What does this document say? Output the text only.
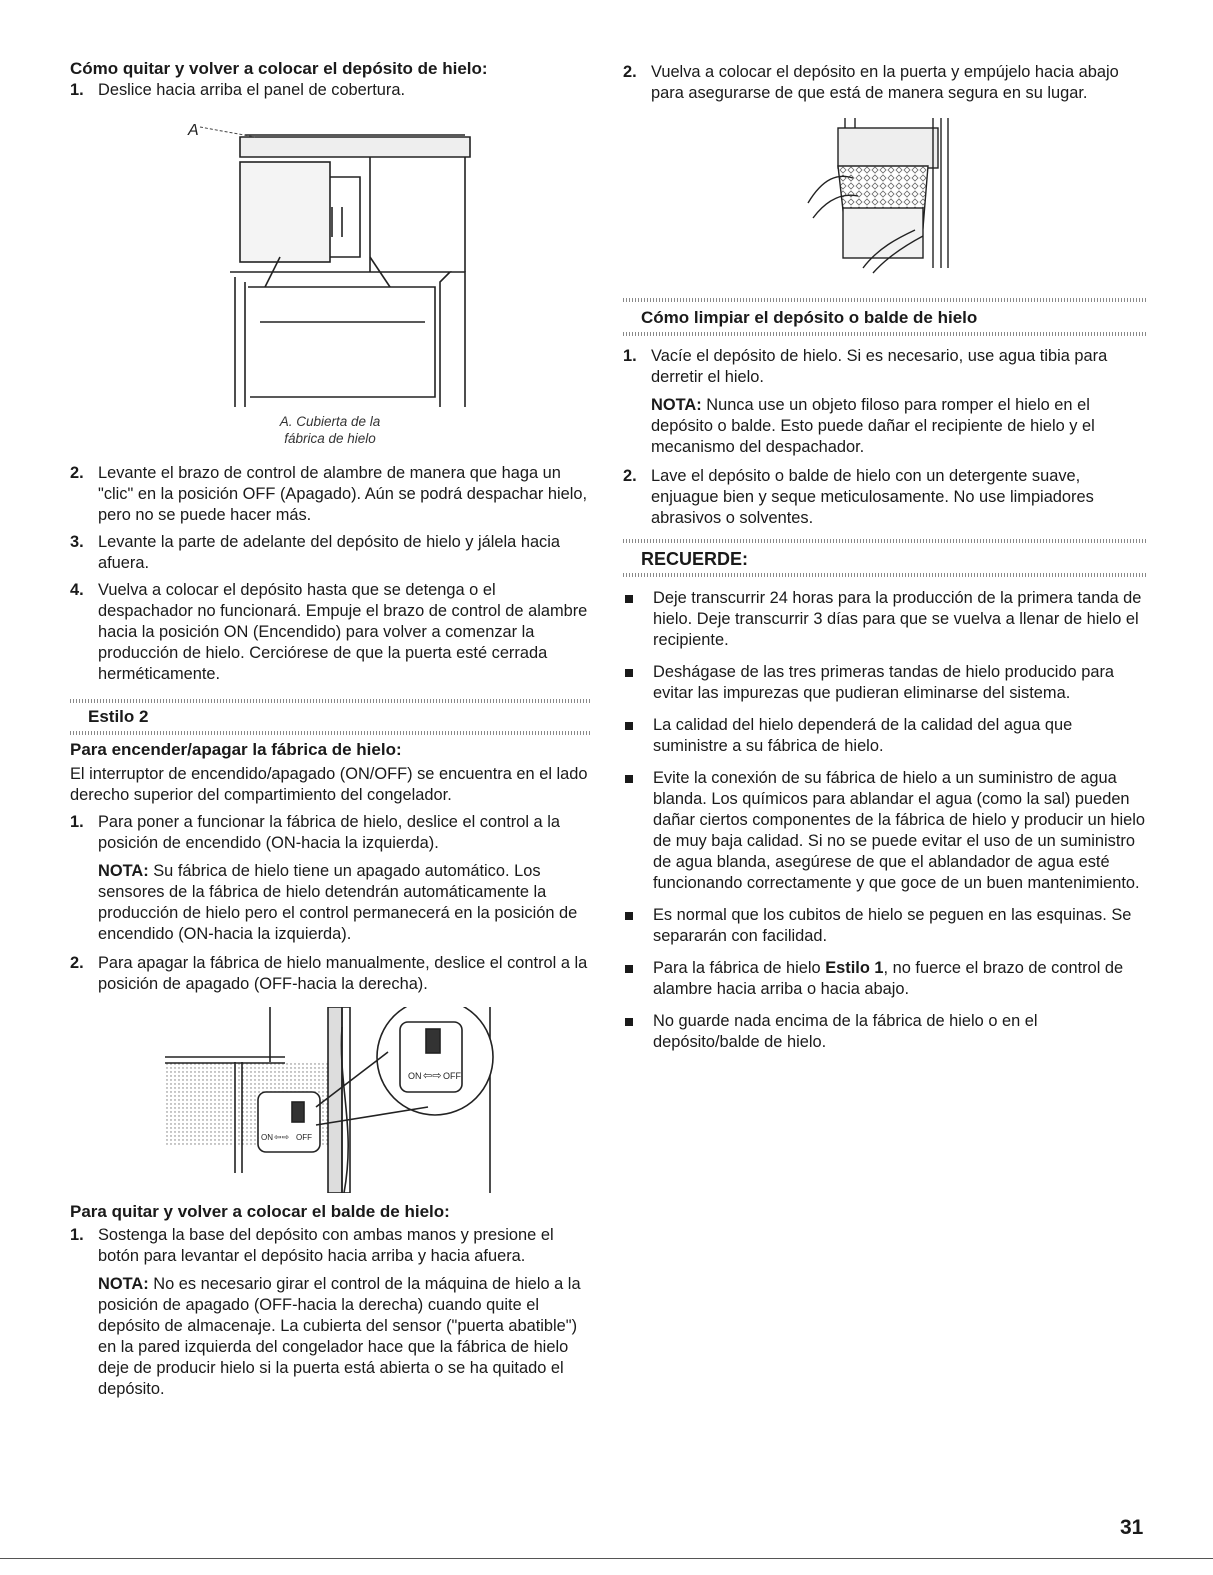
Cómo quitar y volver a colocar el depósito de hielo:
1. Deslice hacia arriba el panel de cobertura.
A
A. Cubierta de la
fábrica de hielo
2. Levante el brazo de control de alambre de manera que haga un "clic" en la posición OFF (Apagado). Aún se podrá despachar hielo, pero no se puede hacer más.
3. Levante la parte de adelante del depósito de hielo y jálela hacia afuera.
4. Vuelva a colocar el depósito hasta que se detenga o el despachador no funcionará. Empuje el brazo de control de alambre hacia la posición ON (Encendido) para volver a comenzar la producción de hielo. Cerciórese de que la puerta esté cerrada herméticamente.
Estilo 2
Para encender/apagar la fábrica de hielo:

El interruptor de encendido/apagado (ON/OFF) se encuentra en el lado derecho superior del compartimiento del congelador.

1. Para poner a funcionar la fábrica de hielo, deslice el control a la posición de encendido (ON-hacia la izquierda).

NOTA: Su fábrica de hielo tiene un apagado automático. Los sensores de la fábrica de hielo detendrán automáticamente la producción de hielo pero el control permanecerá en la posición de encendido (ON-hacia la izquierda).

2. Para apagar la fábrica de hielo manualmente, deslice el control a la posición de apagado (OFF-hacia la derecha).
ON OFF
ON	OFF
⇦⇨
⇦⇨
Para quitar y volver a colocar el balde de hielo:
1. Sostenga la base del depósito con ambas manos y presione el botón para levantar el depósito hacia arriba y hacia afuera.

NOTA: No es necesario girar el control de la máquina de hielo a la posición de apagado (OFF-hacia la derecha) cuando quite el depósito de almacenaje. La cubierta del sensor ("puerta abatible") en la pared izquierda del congelador hace que la fábrica de hielo deje de producir hielo si la puerta está abierta o se ha quitado el depósito.

2. Vuelva a colocar el depósito en la puerta y empújelo hacia abajo para asegurarse de que está de manera segura en su lugar.
Cómo limpiar el depósito o balde de hielo
1. Vacíe el depósito de hielo. Si es necesario, use agua tibia para derretir el hielo.

NOTA: Nunca use un objeto filoso para romper el hielo en el depósito o balde. Esto puede dañar el recipiente de hielo y el mecanismo del despachador.

2. Lave el depósito o balde de hielo con un detergente suave, enjuague bien y seque meticulosamente. No use limpiadores abrasivos o solventes.
RECUERDE:
Deje transcurrir 24 horas para la producción de la primera tanda de hielo. Deje transcurrir 3 días para que se vuelva a llenar de hielo el recipiente.
Deshágase de las tres primeras tandas de hielo producido para evitar las impurezas que pudieran eliminarse del sistema.
La calidad del hielo dependerá de la calidad del agua que suministre a su fábrica de hielo.
Evite la conexión de su fábrica de hielo a un suministro de agua blanda. Los químicos para ablandar el agua (como la sal) pueden dañar ciertos componentes de la fábrica de hielo y producir un hielo de muy baja calidad. Si no se puede evitar el uso de un suministro de agua blanda, asegúrese de que el ablandador de agua esté funcionando correctamente y que goce de un buen mantenimiento.
Es normal que los cubitos de hielo se peguen en las esquinas. Se separarán con facilidad.
Para la fábrica de hielo Estilo 1, no fuerce el brazo de control de alambre hacia arriba o hacia abajo.
No guarde nada encima de la fábrica de hielo o en el depósito/balde de hielo.
31
